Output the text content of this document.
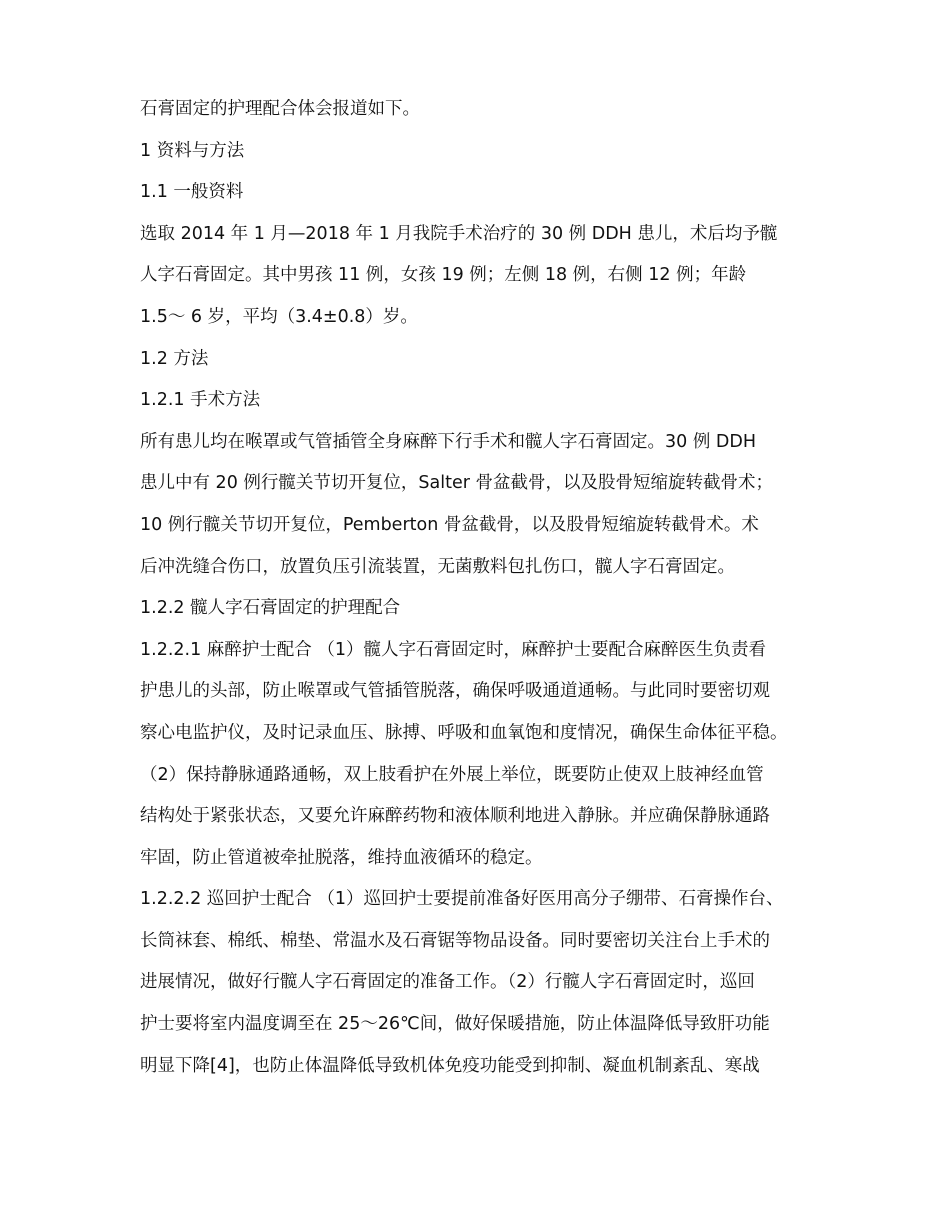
石膏固定的护理配合体会报道如下。
1 资料与方法
1.1 一般资料
选取 2014 年 1 月—2018 年 1 月我院手术治疗的 30 例 DDH 患儿，术后均予髋
人字石膏固定。其中男孩 11 例，女孩 19 例；左侧 18 例，右侧 12 例；年龄
1.5～ 6 岁，平均（3.4±0.8）岁。
1.2 方法
1.2.1 手术方法
所有患儿均在喉罩或气管插管全身麻醉下行手术和髋人字石膏固定。30 例 DDH
患儿中有 20 例行髋关节切开复位，Salter 骨盆截骨，以及股骨短缩旋转截骨术；
10 例行髋关节切开复位，Pemberton 骨盆截骨，以及股骨短缩旋转截骨术。术
后冲洗缝合伤口，放置负压引流装置，无菌敷料包扎伤口，髋人字石膏固定。
1.2.2 髋人字石膏固定的护理配合
1.2.2.1 麻醉护士配合 （1）髋人字石膏固定时，麻醉护士要配合麻醉医生负责看
护患儿的头部，防止喉罩或气管插管脱落，确保呼吸通道通畅。与此同时要密切观
察心电监护仪，及时记录血压、脉搏、呼吸和血氧饱和度情况，确保生命体征平稳。
（2）保持静脉通路通畅，双上肢看护在外展上举位，既要防止使双上肢神经血管
结构处于紧张状态，又要允许麻醉药物和液体顺利地进入静脉。并应确保静脉通路
牢固，防止管道被牵扯脱落，维持血液循环的稳定。
1.2.2.2 巡回护士配合 （1）巡回护士要提前准备好医用高分子绷带、石膏操作台、
长筒袜套、棉纸、棉垫、常温水及石膏锯等物品设备。同时要密切关注台上手术的
进展情况，做好行髋人字石膏固定的准备工作。（2）行髋人字石膏固定时，巡回
护士要将室内温度调至在 25～26℃间，做好保暖措施，防止体温降低导致肝功能
明显下降[4]，也防止体温降低导致机体免疫功能受到抑制、凝血机制紊乱、寒战
